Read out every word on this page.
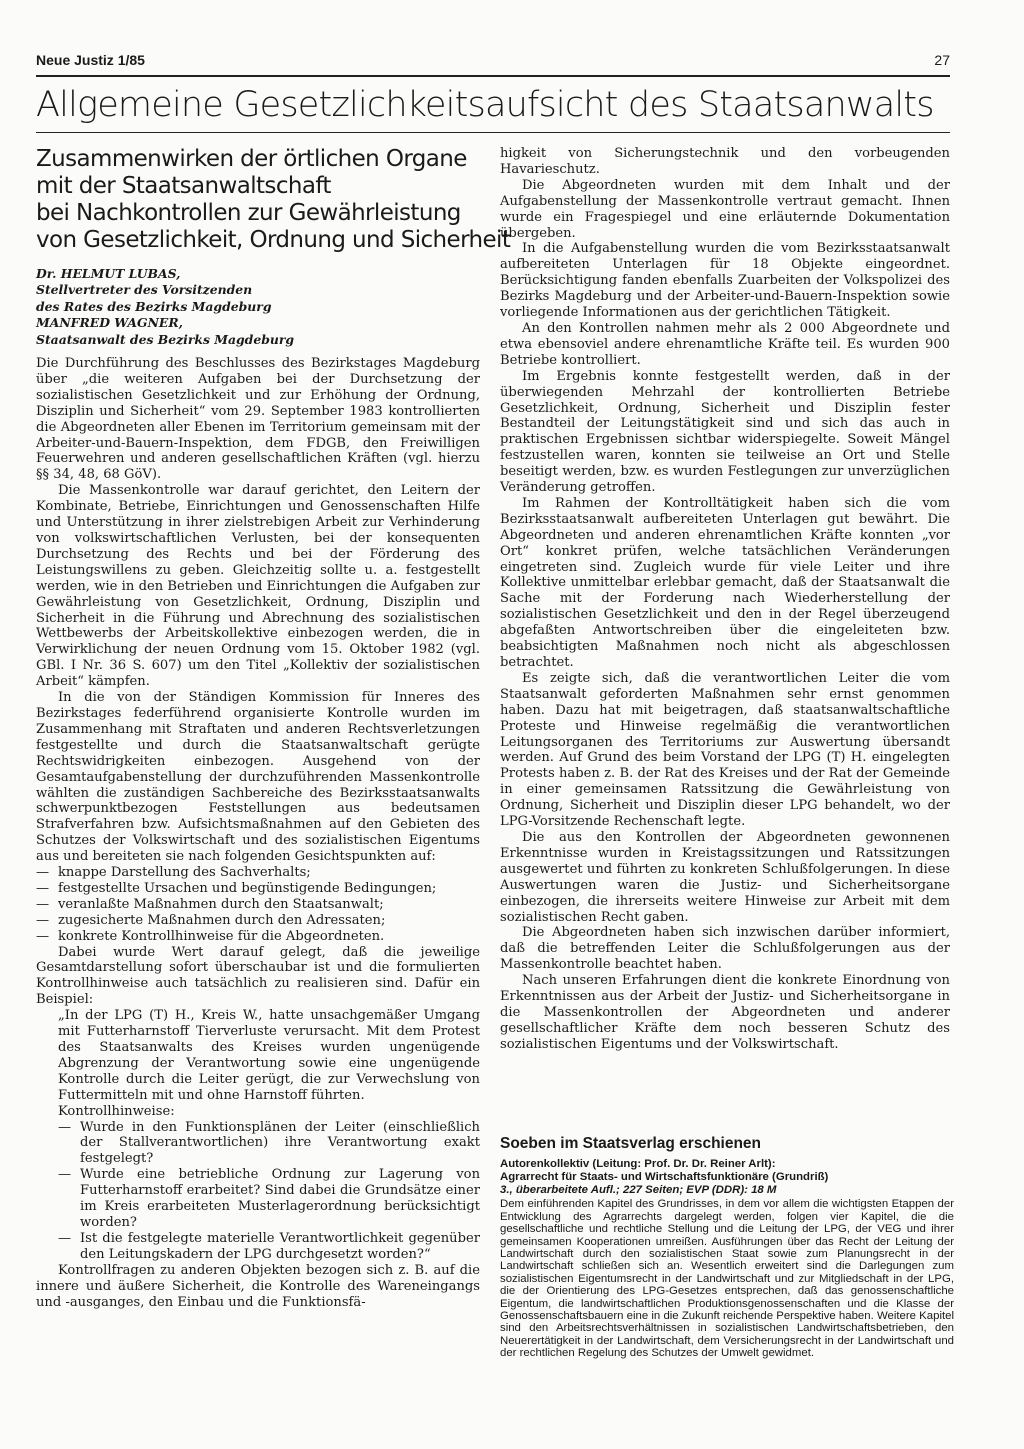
Neue Justiz 1/85	27
Allgemeine Gesetzlichkeitsaufsicht des Staatsanwalts
Zusammenwirken der örtlichen Organe
mit der Staatsanwaltschaft
bei Nachkontrollen zur Gewährleistung
von Gesetzlichkeit, Ordnung und Sicherheit
Dr. HELMUT LUBAS,
Stellvertreter des Vorsitzenden
des Rates des Bezirks Magdeburg
MANFRED WAGNER,
Staatsanwalt des Bezirks Magdeburg

Die Durchführung des Beschlusses des Bezirkstages Magdeburg über „die weiteren Aufgaben bei der Durchsetzung der sozialistischen Gesetzlichkeit und zur Erhöhung der Ordnung, Disziplin und Sicherheit“ vom 29. September 1983 kontrollierten die Abgeordneten aller Ebenen im Territorium gemeinsam mit der Arbeiter-und-Bauern-Inspektion, dem FDGB, den Freiwilligen Feuerwehren und anderen gesellschaftlichen Kräften (vgl. hierzu §§ 34, 48, 68 GöV).

Die Massenkontrolle war darauf gerichtet, den Leitern der Kombinate, Betriebe, Einrichtungen und Genossenschaften Hilfe und Unterstützung in ihrer zielstrebigen Arbeit zur Verhinderung von volkswirtschaftlichen Verlusten, bei der konsequenten Durchsetzung des Rechts und bei der Förderung des Leistungswillens zu geben. Gleichzeitig sollte u. a. festgestellt werden, wie in den Betrieben und Einrichtungen die Aufgaben zur Gewährleistung von Gesetzlichkeit, Ordnung, Disziplin und Sicherheit in die Führung und Abrechnung des sozialistischen Wettbewerbs der Arbeitskollektive einbezogen werden, die in Verwirklichung der neuen Ordnung vom 15. Oktober 1982 (vgl. GBl. I Nr. 36 S. 607) um den Titel „Kollektiv der sozialistischen Arbeit“ kämpfen.

In die von der Ständigen Kommission für Inneres des Bezirkstages federführend organisierte Kontrolle wurden im Zusammenhang mit Straftaten und anderen Rechtsverletzungen festgestellte und durch die Staatsanwaltschaft gerügte Rechtswidrigkeiten einbezogen. Ausgehend von der Gesamtaufgabenstellung der durchzuführenden Massenkontrolle wählten die zuständigen Sachbereiche des Bezirksstaatsanwalts schwerpunktbezogen Feststellungen aus bedeutsamen Strafverfahren bzw. Aufsichtsmaßnahmen auf den Gebieten des Schutzes der Volkswirtschaft und des sozialistischen Eigentums aus und bereiteten sie nach folgenden Gesichtspunkten auf:

— knappe Darstellung des Sachverhalts;
— festgestellte Ursachen und begünstigende Bedingungen;
— veranlaßte Maßnahmen durch den Staatsanwalt;
— zugesicherte Maßnahmen durch den Adressaten;
— konkrete Kontrollhinweise für die Abgeordneten.

Dabei wurde Wert darauf gelegt, daß die jeweilige Gesamtdarstellung sofort überschaubar ist und die formulierten Kontrollhinweise auch tatsächlich zu realisieren sind. Dafür ein Beispiel:

„In der LPG (T) H., Kreis W., hatte unsachgemäßer Umgang mit Futterharnstoff Tierverluste verursacht. Mit dem Protest des Staatsanwalts des Kreises wurden ungenügende Abgrenzung der Verantwortung sowie eine ungenügende Kontrolle durch die Leiter gerügt, die zur Verwechslung von Futtermitteln mit und ohne Harnstoff führten.

Kontrollhinweise:

— Wurde in den Funktionsplänen der Leiter (einschließlich der Stallverantwortlichen) ihre Verantwortung exakt festgelegt?
— Wurde eine betriebliche Ordnung zur Lagerung von Futterharnstoff erarbeitet? Sind dabei die Grundsätze einer im Kreis erarbeiteten Musterlagerordnung berücksichtigt worden?
— Ist die festgelegte materielle Verantwortlichkeit gegenüber den Leitungskadern der LPG durchgesetzt worden?“

Kontrollfragen zu anderen Objekten bezogen sich z. B. auf die innere und äußere Sicherheit, die Kontrolle des Wareneingangs und -ausganges, den Einbau und die Funktionsfä-

higkeit von Sicherungstechnik und den vorbeugenden Havarieschutz.

Die Abgeordneten wurden mit dem Inhalt und der Aufgabenstellung der Massenkontrolle vertraut gemacht. Ihnen wurde ein Fragespiegel und eine erläuternde Dokumentation übergeben.

In die Aufgabenstellung wurden die vom Bezirksstaatsanwalt aufbereiteten Unterlagen für 18 Objekte eingeordnet. Berücksichtigung fanden ebenfalls Zuarbeiten der Volkspolizei des Bezirks Magdeburg und der Arbeiter-und-Bauern-Inspektion sowie vorliegende Informationen aus der gerichtlichen Tätigkeit.

An den Kontrollen nahmen mehr als 2 000 Abgeordnete und etwa ebensoviel andere ehrenamtliche Kräfte teil. Es wurden 900 Betriebe kontrolliert.

Im Ergebnis konnte festgestellt werden, daß in der überwiegenden Mehrzahl der kontrollierten Betriebe Gesetzlichkeit, Ordnung, Sicherheit und Disziplin fester Bestandteil der Leitungstätigkeit sind und sich das auch in praktischen Ergebnissen sichtbar widerspiegelte. Soweit Mängel festzustellen waren, konnten sie teilweise an Ort und Stelle beseitigt werden, bzw. es wurden Festlegungen zur unverzüglichen Veränderung getroffen.

Im Rahmen der Kontrolltätigkeit haben sich die vom Bezirksstaatsanwalt aufbereiteten Unterlagen gut bewährt. Die Abgeordneten und anderen ehrenamtlichen Kräfte konnten „vor Ort“ konkret prüfen, welche tatsächlichen Veränderungen eingetreten sind. Zugleich wurde für viele Leiter und ihre Kollektive unmittelbar erlebbar gemacht, daß der Staatsanwalt die Sache mit der Forderung nach Wiederherstellung der sozialistischen Gesetzlichkeit und den in der Regel überzeugend abgefaßten Antwortschreiben über die eingeleiteten bzw. beabsichtigten Maßnahmen noch nicht als abgeschlossen betrachtet.

Es zeigte sich, daß die verantwortlichen Leiter die vom Staatsanwalt geforderten Maßnahmen sehr ernst genommen haben. Dazu hat mit beigetragen, daß staatsanwaltschaftliche Proteste und Hinweise regelmäßig die verantwortlichen Leitungsorganen des Territoriums zur Auswertung übersandt werden. Auf Grund des beim Vorstand der LPG (T) H. eingelegten Protests haben z. B. der Rat des Kreises und der Rat der Gemeinde in einer gemeinsamen Ratssitzung die Gewährleistung von Ordnung, Sicherheit und Disziplin dieser LPG behandelt, wo der LPG-Vorsitzende Rechenschaft legte.

Die aus den Kontrollen der Abgeordneten gewonnenen Erkenntnisse wurden in Kreistagssitzungen und Ratssitzungen ausgewertet und führten zu konkreten Schlußfolgerungen. In diese Auswertungen waren die Justiz- und Sicherheitsorgane einbezogen, die ihrerseits weitere Hinweise zur Arbeit mit dem sozialistischen Recht gaben.

Die Abgeordneten haben sich inzwischen darüber informiert, daß die betreffenden Leiter die Schlußfolgerungen aus der Massenkontrolle beachtet haben.

Nach unseren Erfahrungen dient die konkrete Einordnung von Erkenntnissen aus der Arbeit der Justiz- und Sicherheitsorgane in die Massenkontrollen der Abgeordneten und anderer gesellschaftlicher Kräfte dem noch besseren Schutz des sozialistischen Eigentums und der Volkswirtschaft.

Soeben im Staatsverlag erschienen
Autorenkollektiv (Leitung: Prof. Dr. Dr. Reiner Arlt):
Agrarrecht für Staats- und Wirtschaftsfunktionäre (Grundriß)
3., überarbeitete Aufl.; 227 Seiten; EVP (DDR): 18 M
Dem einführenden Kapitel des Grundrisses, in dem vor allem die wichtigsten Etappen der Entwicklung des Agrarrechts dargelegt werden, folgen vier Kapitel, die die gesellschaftliche und rechtliche Stellung und die Leitung der LPG, der VEG und ihrer gemeinsamen Kooperationen umreißen. Ausführungen über das Recht der Leitung der Landwirtschaft durch den sozialistischen Staat sowie zum Planungsrecht in der Landwirtschaft schließen sich an. Wesentlich erweitert sind die Darlegungen zum sozialistischen Eigentumsrecht in der Landwirtschaft und zur Mitgliedschaft in der LPG, die der Orientierung des LPG-Gesetzes entsprechen, daß das genossenschaftliche Eigentum, die landwirtschaftlichen Produktionsgenossenschaften und die Klasse der Genossenschaftsbauern eine in die Zukunft reichende Perspektive haben. Weitere Kapitel sind den Arbeitsrechtsverhältnissen in sozialistischen Landwirtschaftsbetrieben, den Neuerertätigkeit in der Landwirtschaft, dem Versicherungsrecht in der Landwirtschaft und der rechtlichen Regelung des Schutzes der Umwelt gewidmet.
